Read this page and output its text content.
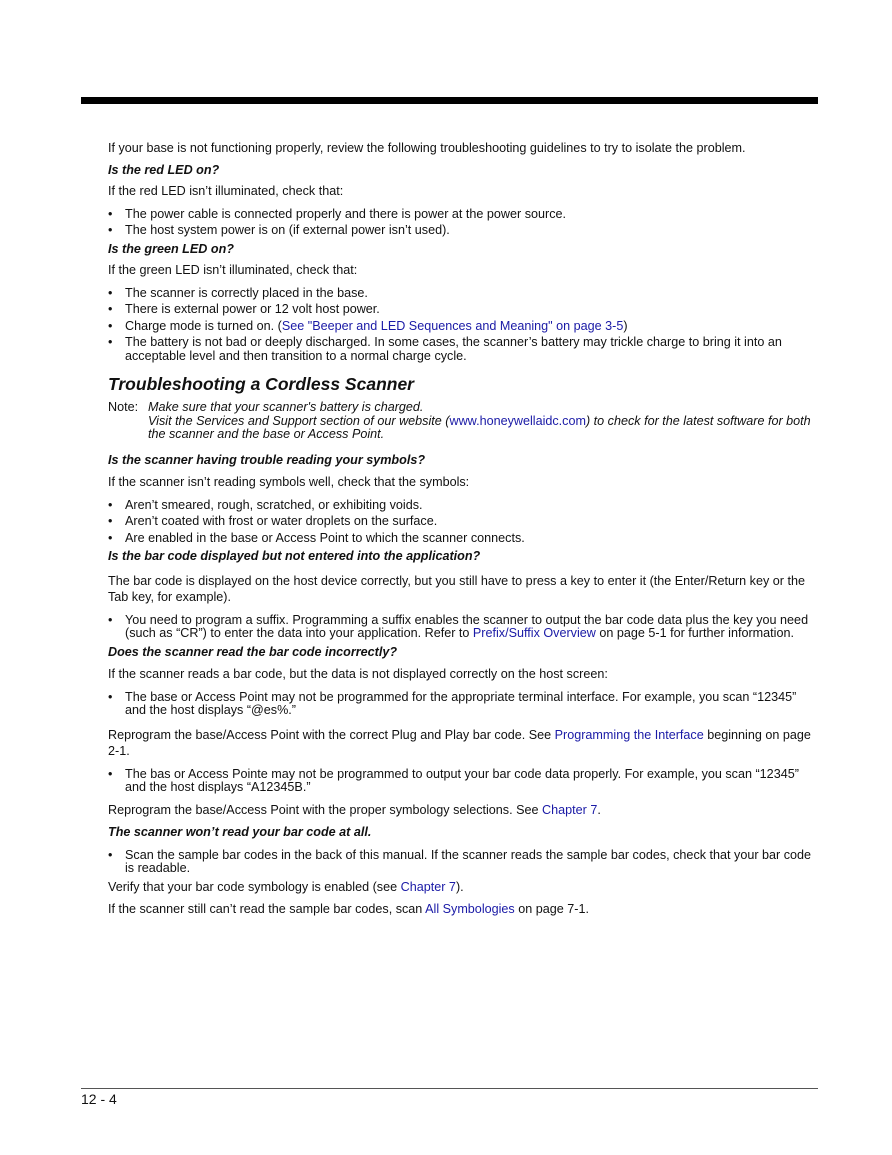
If your base is not functioning properly, review the following troubleshooting guidelines to try to isolate the problem.

Is the red LED on?

If the red LED isn’t illuminated, check that:

• The power cable is connected properly and there is power at the power source.
• The host system power is on (if external power isn’t used).

Is the green LED on?

If the green LED isn’t illuminated, check that:

• The scanner is correctly placed in the base.
• There is external power or 12 volt host power.
• Charge mode is turned on. (See "Beeper and LED Sequences and Meaning" on page 3-5)
• The battery is not bad or deeply discharged. In some cases, the scanner’s battery may trickle charge to bring it into an acceptable level and then transition to a normal charge cycle.

Troubleshooting a Cordless Scanner

Note: Make sure that your scanner's battery is charged.
Visit the Services and Support section of our website (www.honeywellaidc.com) to check for the latest software for both the scanner and the base or Access Point.

Is the scanner having trouble reading your symbols?

If the scanner isn’t reading symbols well, check that the symbols:

• Aren’t smeared, rough, scratched, or exhibiting voids.
• Aren’t coated with frost or water droplets on the surface.
• Are enabled in the base or Access Point to which the scanner connects.

Is the bar code displayed but not entered into the application?

The bar code is displayed on the host device correctly, but you still have to press a key to enter it (the Enter/Return key or the Tab key, for example).

• You need to program a suffix. Programming a suffix enables the scanner to output the bar code data plus the key you need (such as “CR”) to enter the data into your application. Refer to Prefix/Suffix Overview on page 5-1 for further information.

Does the scanner read the bar code incorrectly?

If the scanner reads a bar code, but the data is not displayed correctly on the host screen:

• The base or Access Point may not be programmed for the appropriate terminal interface. For example, you scan “12345” and the host displays “@es%.”

Reprogram the base/Access Point with the correct Plug and Play bar code. See Programming the Interface beginning on page 2-1.

• The bas or Access Pointe may not be programmed to output your bar code data properly. For example, you scan “12345” and the host displays “A12345B.”

Reprogram the base/Access Point with the proper symbology selections. See Chapter 7.

The scanner won’t read your bar code at all.

• Scan the sample bar codes in the back of this manual. If the scanner reads the sample bar codes, check that your bar code is readable.

Verify that your bar code symbology is enabled (see Chapter 7).

If the scanner still can’t read the sample bar codes, scan All Symbologies on page 7-1.

12 - 4
